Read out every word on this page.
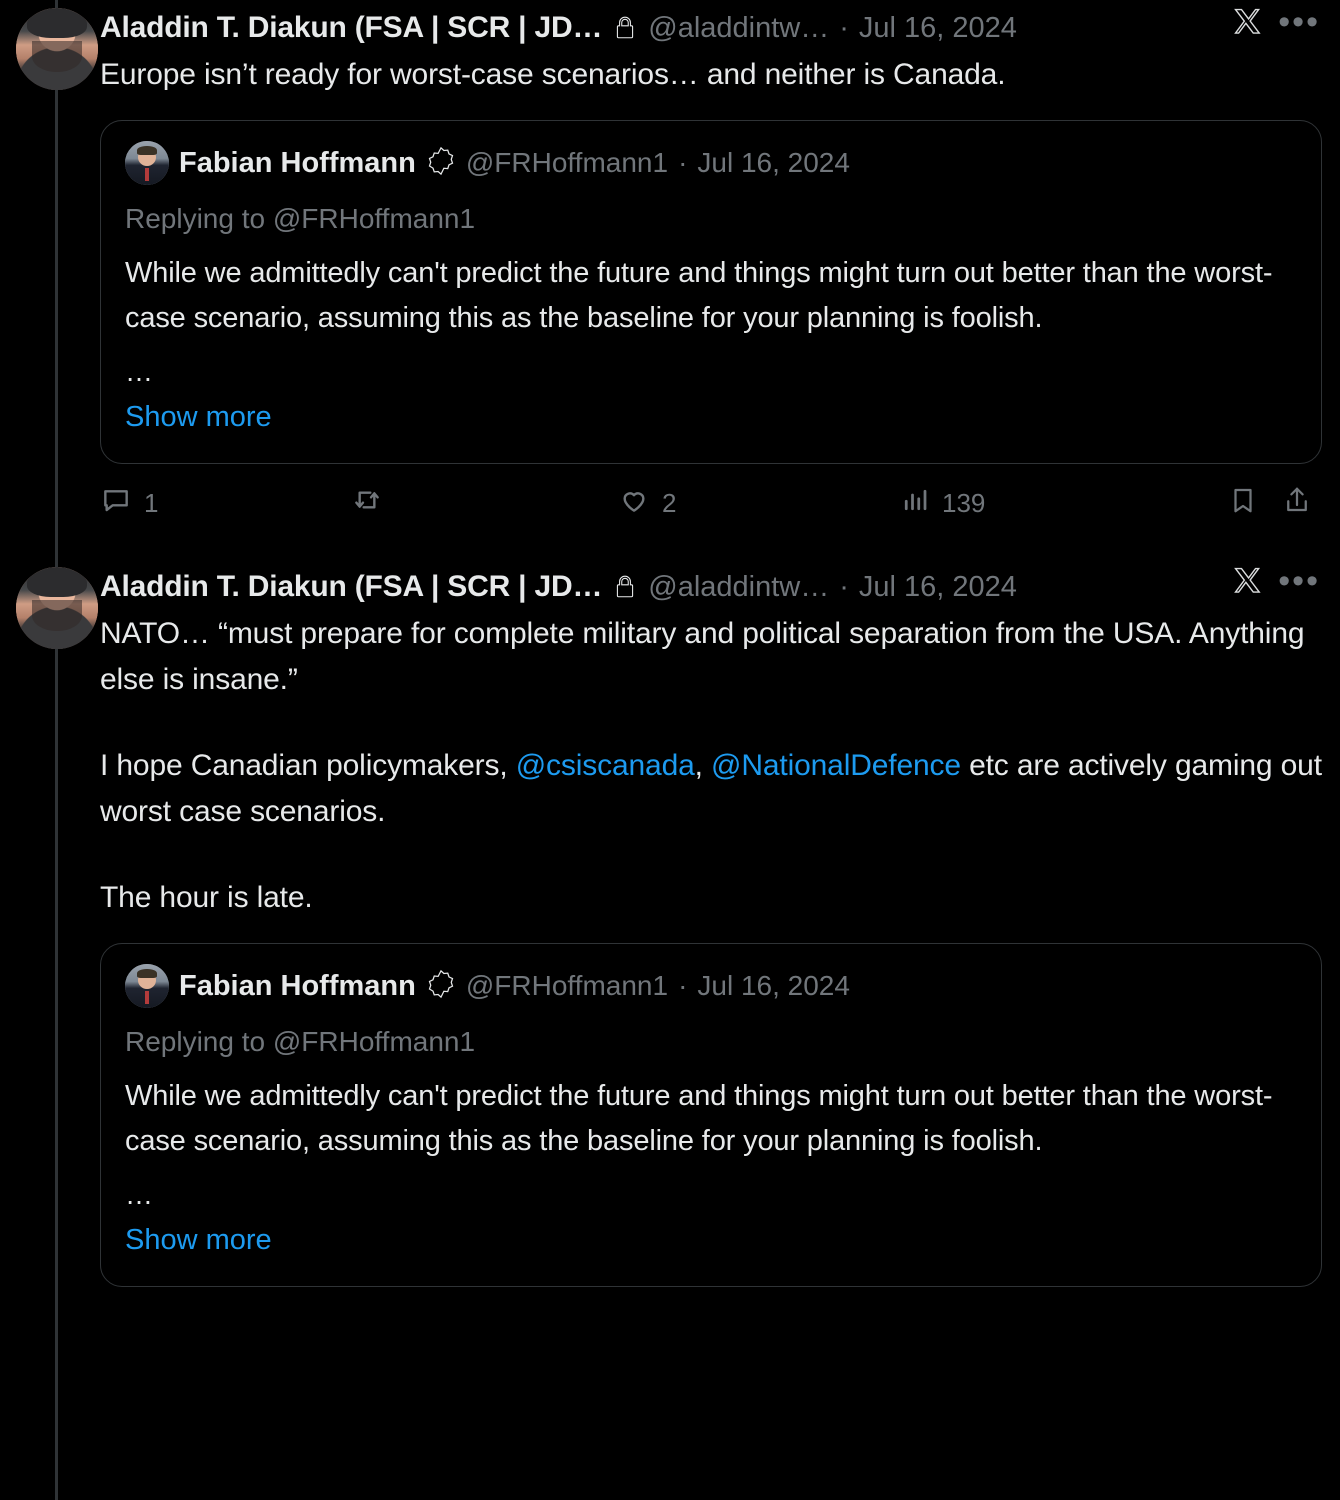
Aladdin T. Diakun (FSA | SCR | JD… @aladdintw… · Jul 16, 2024	•••
Europe isn’t ready for worst-case scenarios… and neither is Canada.
Fabian Hoffmann @FRHoffmann1 · Jul 16, 2024
Replying to @FRHoffmann1
While we admittedly can't predict the future and things might turn out better than the worst-case scenario, assuming this as the baseline for your planning is foolish.
…
Show more
1	2	139
Aladdin T. Diakun (FSA | SCR | JD… @aladdintw… · Jul 16, 2024	•••
NATO… “must prepare for complete military and political separation from the USA. Anything else is insane.”
I hope Canadian policymakers, @csiscanada, @NationalDefence etc are actively gaming out worst case scenarios.
The hour is late.
Fabian Hoffmann @FRHoffmann1 · Jul 16, 2024
Replying to @FRHoffmann1
While we admittedly can't predict the future and things might turn out better than the worst-case scenario, assuming this as the baseline for your planning is foolish.
…
Show more
